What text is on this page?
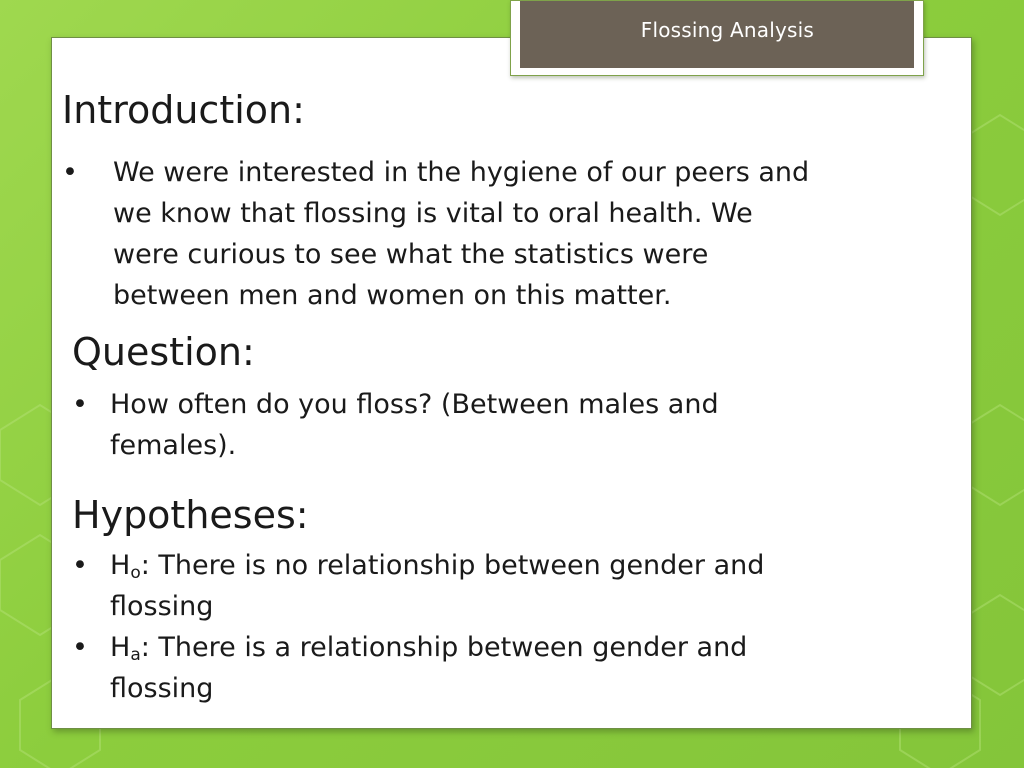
Flossing Analysis
Introduction:
• We were interested in the hygiene of our peers and
we know that flossing is vital to oral health. We
were curious to see what the statistics were
between men and women on this matter.
Question:
• How often do you floss? (Between males and
females).
Hypotheses:
• $H_o$: There is no relationship between gender and
flossing
• $H_a$: There is a relationship between gender and
flossing
